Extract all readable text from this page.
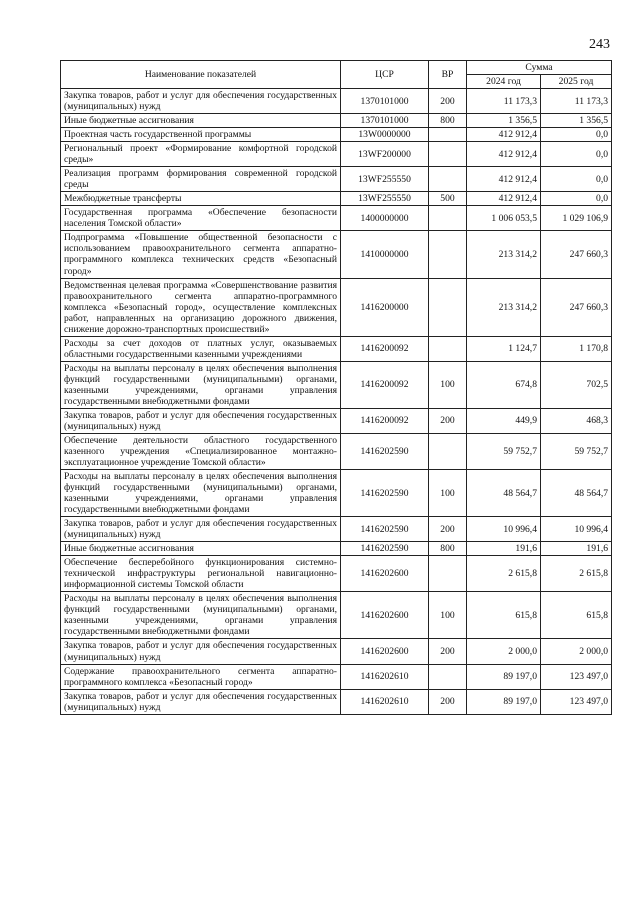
243
Наименование показателей	ЦСР	ВР	Сумма	
			2024 год	2025 год
Закупка товаров, работ и услуг для обеспечения государственных (муниципальных) нужд	1370101000	200	11 173,3	11 173,3
Иные бюджетные ассигнования	1370101000	800	1 356,5	1 356,5
Проектная часть государственной программы	13W0000000		412 912,4	0,0
Региональный проект «Формирование комфортной городской среды»	13WF200000		412 912,4	0,0
Реализация программ формирования современной городской среды	13WF255550		412 912,4	0,0
Межбюджетные трансферты	13WF255550	500	412 912,4	0,0
Государственная программа «Обеспечение безопасности населения Томской области»	1400000000		1 006 053,5	1 029 106,9
Подпрограмма «Повышение общественной безопасности с использованием правоохранительного сегмента аппаратно-программного комплекса технических средств «Безопасный город»	1410000000		213 314,2	247 660,3
Ведомственная целевая программа «Совершенствование развития правоохранительного сегмента аппаратно-программного комплекса «Безопасный город», осуществление комплексных работ, направленных на организацию дорожного движения, снижение дорожно-транспортных происшествий»	1416200000		213 314,2	247 660,3
Расходы за счет доходов от платных услуг, оказываемых областными государственными казенными учреждениями	1416200092		1 124,7	1 170,8
Расходы на выплаты персоналу в целях обеспечения выполнения функций государственными (муниципальными) органами, казенными учреждениями, органами управления государственными внебюджетными фондами	1416200092	100	674,8	702,5
Закупка товаров, работ и услуг для обеспечения государственных (муниципальных) нужд	1416200092	200	449,9	468,3
Обеспечение деятельности областного государственного казенного учреждения «Специализированное монтажно-эксплуатационное учреждение Томской области»	1416202590		59 752,7	59 752,7
Расходы на выплаты персоналу в целях обеспечения выполнения функций государственными (муниципальными) органами, казенными учреждениями, органами управления государственными внебюджетными фондами	1416202590	100	48 564,7	48 564,7
Закупка товаров, работ и услуг для обеспечения государственных (муниципальных) нужд	1416202590	200	10 996,4	10 996,4
Иные бюджетные ассигнования	1416202590	800	191,6	191,6
Обеспечение бесперебойного функционирования системно-технической инфраструктуры региональной навигационно-информационной системы Томской области	1416202600		2 615,8	2 615,8
Расходы на выплаты персоналу в целях обеспечения выполнения функций государственными (муниципальными) органами, казенными учреждениями, органами управления государственными внебюджетными фондами	1416202600	100	615,8	615,8
Закупка товаров, работ и услуг для обеспечения государственных (муниципальных) нужд	1416202600	200	2 000,0	2 000,0
Содержание правоохранительного сегмента аппаратно-программного комплекса «Безопасный город»	1416202610		89 197,0	123 497,0
Закупка товаров, работ и услуг для обеспечения государственных (муниципальных) нужд	1416202610	200	89 197,0	123 497,0
